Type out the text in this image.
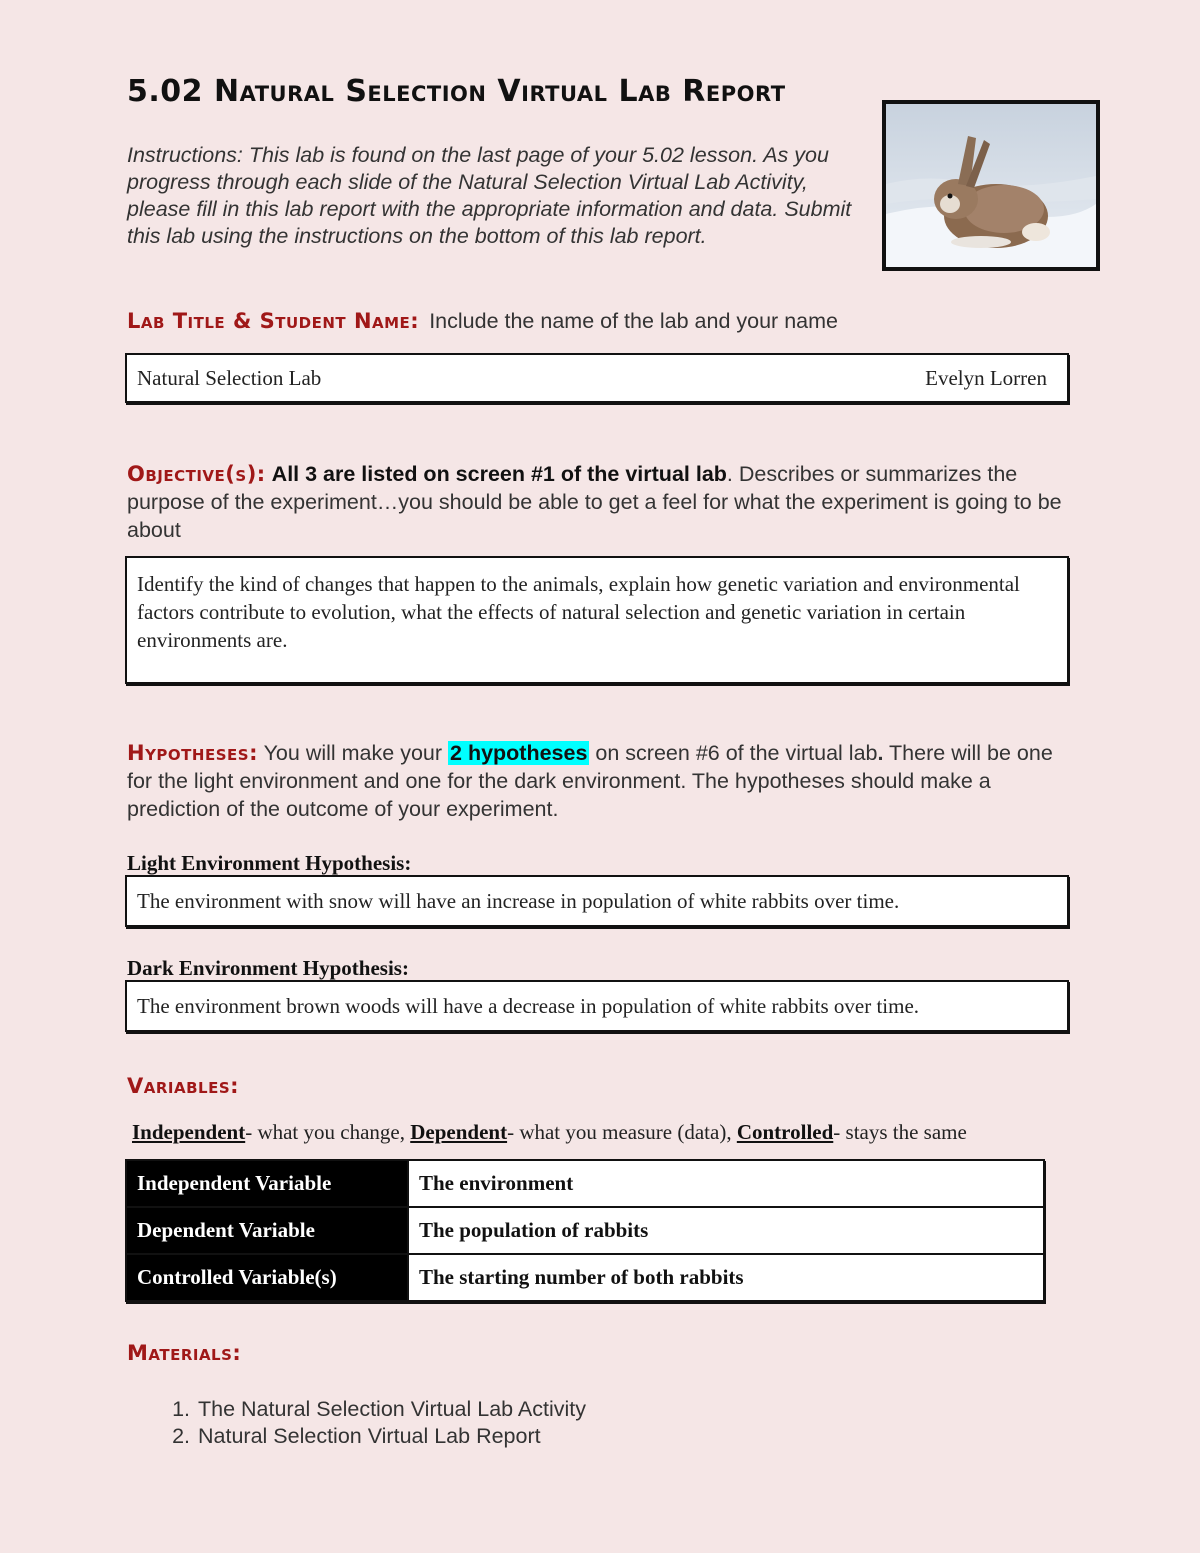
5.02 Natural Selection Virtual Lab Report
Instructions: This lab is found on the last page of your 5.02 lesson. As you progress through each slide of the Natural Selection Virtual Lab Activity, please fill in this lab report with the appropriate information and data. Submit this lab using the instructions on the bottom of this lab report.
Lab Title & Student Name: Include the name of the lab and your name
Natural Selection Lab	Evelyn Lorren
Objective(s): All 3 are listed on screen #1 of the virtual lab. Describes or summarizes the purpose of the experiment…you should be able to get a feel for what the experiment is going to be about
Identify the kind of changes that happen to the animals, explain how genetic variation and environmental factors contribute to evolution, what the effects of natural selection and genetic variation in certain environments are.
Hypotheses: You will make your 2 hypotheses on screen #6 of the virtual lab. There will be one for the light environment and one for the dark environment. The hypotheses should make a prediction of the outcome of your experiment.
Light Environment Hypothesis:
The environment with snow will have an increase in population of white rabbits over time.
Dark Environment Hypothesis:
The environment brown woods will have a decrease in population of white rabbits over time.
Variables:
Independent- what you change, Dependent- what you measure (data), Controlled- stays the same
Independent Variable	The environment
Dependent Variable	The population of rabbits
Controlled Variable(s)	The starting number of both rabbits
Materials:
1. The Natural Selection Virtual Lab Activity
2. Natural Selection Virtual Lab Report
